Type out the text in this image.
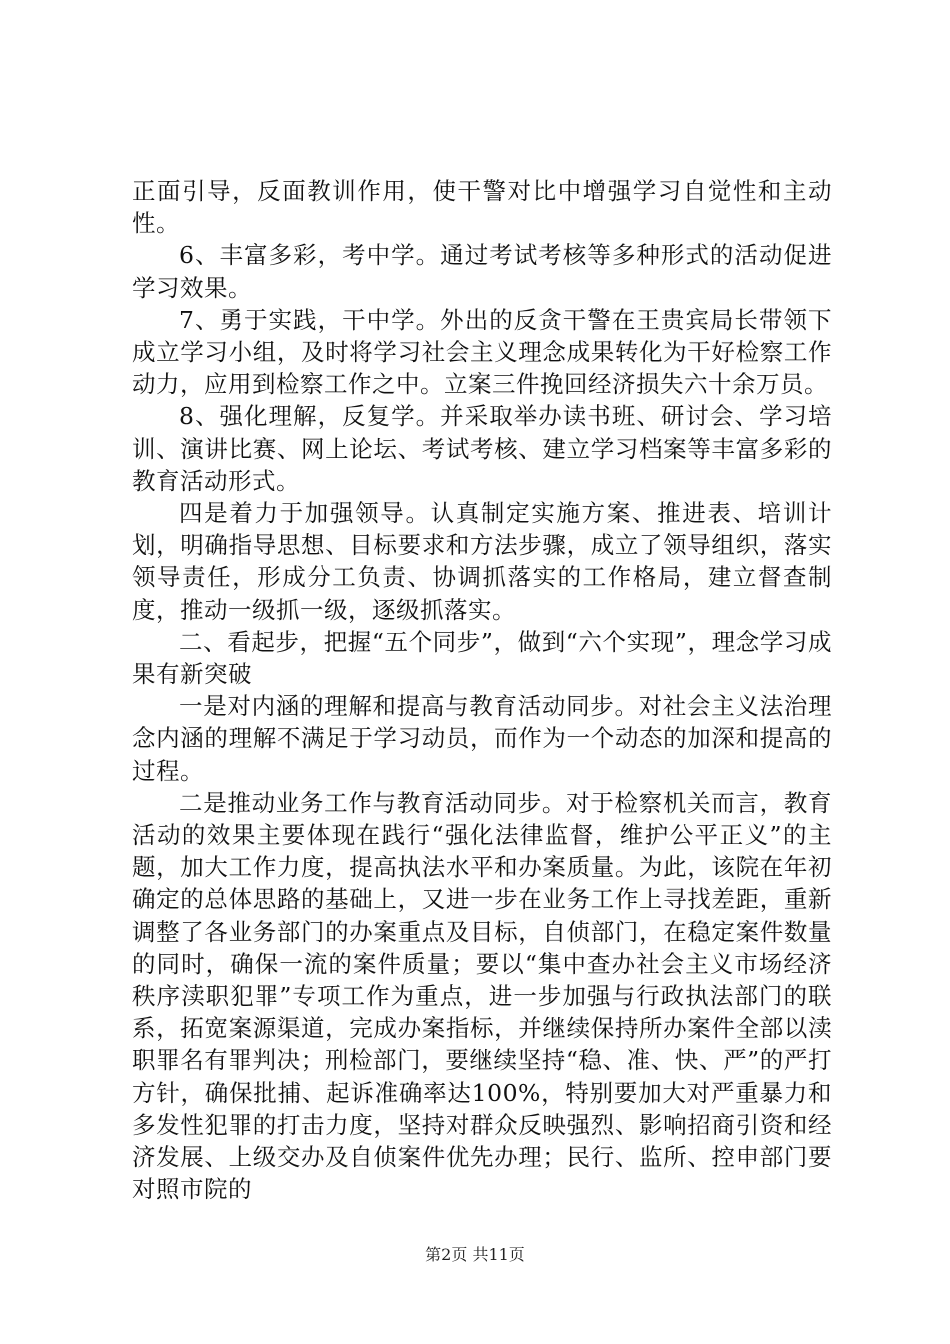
正面引导，反面教训作用，使干警对比中增强学习自觉性和主动性。

6、丰富多彩，考中学。通过考试考核等多种形式的活动促进学习效果。

7、勇于实践，干中学。外出的反贪干警在王贵宾局长带领下成立学习小组，及时将学习社会主义理念成果转化为干好检察工作动力，应用到检察工作之中。立案三件挽回经济损失六十余万员。

8、强化理解，反复学。并采取举办读书班、研讨会、学习培训、演讲比赛、网上论坛、考试考核、建立学习档案等丰富多彩的教育活动形式。

四是着力于加强领导。认真制定实施方案、推进表、培训计划，明确指导思想、目标要求和方法步骤，成立了领导组织，落实领导责任，形成分工负责、协调抓落实的工作格局，建立督查制度，推动一级抓一级，逐级抓落实。

二、看起步，把握“五个同步”，做到“六个实现”，理念学习成果有新突破

一是对内涵的理解和提高与教育活动同步。对社会主义法治理念内涵的理解不满足于学习动员，而作为一个动态的加深和提高的过程。

二是推动业务工作与教育活动同步。对于检察机关而言，教育活动的效果主要体现在践行“强化法律监督，维护公平正义”的主题，加大工作力度，提高执法水平和办案质量。为此，该院在年初确定的总体思路的基础上，又进一步在业务工作上寻找差距，重新调整了各业务部门的办案重点及目标，自侦部门，在稳定案件数量的同时，确保一流的案件质量；要以“集中查办社会主义市场经济秩序渎职犯罪”专项工作为重点，进一步加强与行政执法部门的联系，拓宽案源渠道，完成办案指标，并继续保持所办案件全部以渎职罪名有罪判决；刑检部门，要继续坚持“稳、准、快、严”的严打方针，确保批捕、起诉准确率达100%，特别要加大对严重暴力和多发性犯罪的打击力度，坚持对群众反映强烈、影响招商引资和经济发展、上级交办及自侦案件优先办理；民行、监所、控申部门要对照市院的

第2页 共11页
